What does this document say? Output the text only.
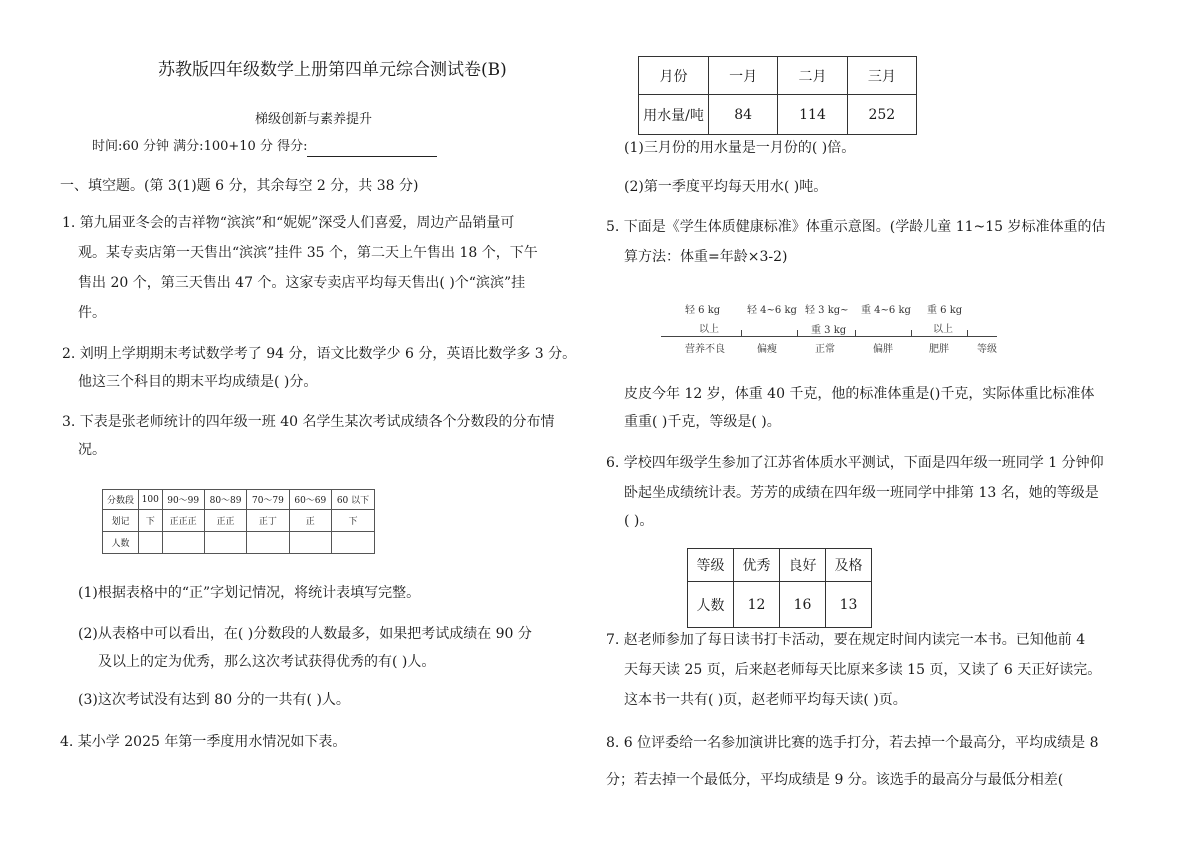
苏教版四年级数学上册第四单元综合测试卷(B)
梯级创新与素养提升
时间:60 分钟 满分:100+10 分 得分:
一、填空题。(第 3(1)题 6 分，其余每空 2 分，共 38 分)
1. 第九届亚冬会的吉祥物“滨滨”和“妮妮”深受人们喜爱，周边产品销量可
观。某专卖店第一天售出“滨滨”挂件 35 个，第二天上午售出 18 个，下午
售出 20 个，第三天售出 47 个。这家专卖店平均每天售出( )个“滨滨”挂
件。
2. 刘明上学期期末考试数学考了 94 分，语文比数学少 6 分，英语比数学多 3 分。
他这三个科目的期末平均成绩是( )分。
3. 下表是张老师统计的四年级一班 40 名学生某次考试成绩各个分数段的分布情
况。
分数段	100	90～99	80～89	70～79	60～69	60 以下
划记	下	正正正	正正	正丁	正	下
人数						
(1)根据表格中的“正”字划记情况，将统计表填写完整。
(2)从表格中可以看出，在( )分数段的人数最多，如果把考试成绩在 90 分
及以上的定为优秀，那么这次考试获得优秀的有( )人。
(3)这次考试没有达到 80 分的一共有( )人。
4. 某小学 2025 年第一季度用水情况如下表。
月份	一月	二月	三月
用水量/吨	84	114	252
(1)三月份的用水量是一月份的( )倍。
(2)第一季度平均每天用水( )吨。
5. 下面是《学生体质健康标准》体重示意图。(学龄儿童 11~15 岁标准体重的估
算方法：体重=年龄×3-2)
轻 6 kg	轻 4~6 kg 轻 3 kg~ 重 4~6 kg 重 6 kg
以上	重 3 kg	以上
营养不良	偏瘦	正常	偏胖	肥胖	等级
皮皮今年 12 岁，体重 40 千克，他的标准体重是()千克，实际体重比标准体
重重( )千克，等级是( )。
6. 学校四年级学生参加了江苏省体质水平测试，下面是四年级一班同学 1 分钟仰
卧起坐成绩统计表。芳芳的成绩在四年级一班同学中排第 13 名，她的等级是
( )。
等级	优秀	良好	及格
人数	12	16	13
7. 赵老师参加了每日读书打卡活动，要在规定时间内读完一本书。已知他前 4
天每天读 25 页，后来赵老师每天比原来多读 15 页，又读了 6 天正好读完。
这本书一共有( )页，赵老师平均每天读( )页。
8. 6 位评委给一名参加演讲比赛的选手打分，若去掉一个最高分，平均成绩是 8
分；若去掉一个最低分，平均成绩是 9 分。该选手的最高分与最低分相差(
